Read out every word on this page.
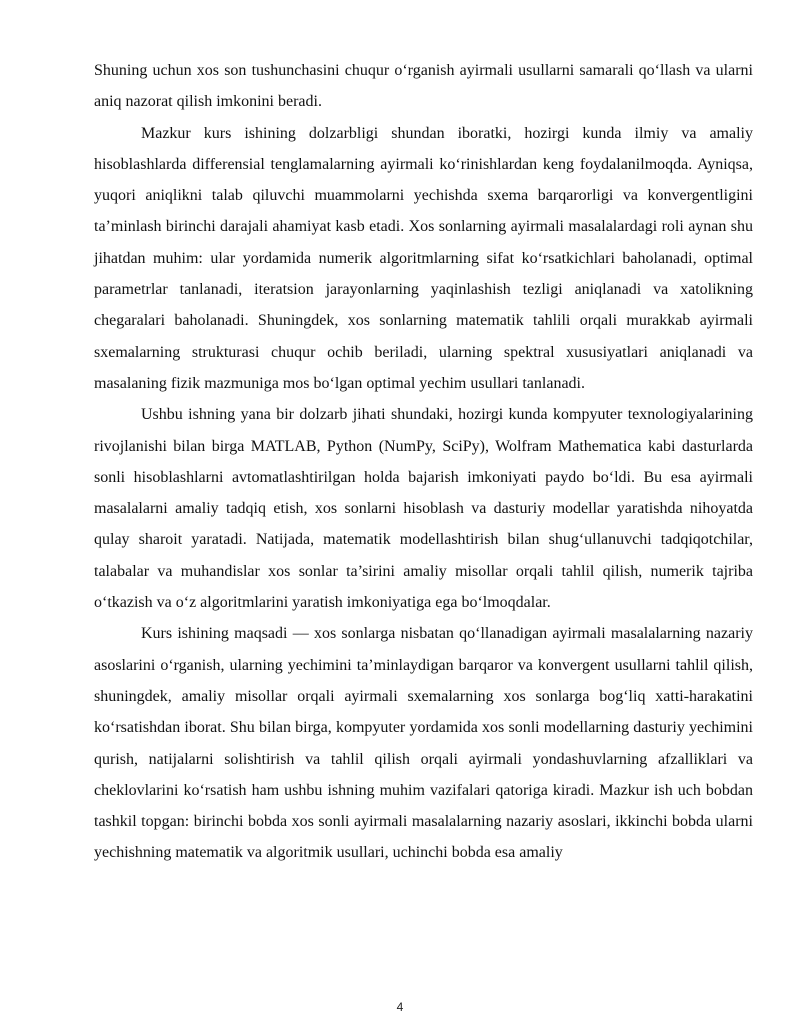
Shuning uchun xos son tushunchasini chuqur o‘rganish ayirmali usullarni samarali qo‘llash va ularni aniq nazorat qilish imkonini beradi.

Mazkur kurs ishining dolzarbligi shundan iboratki, hozirgi kunda ilmiy va amaliy hisoblashlarda differensial tenglamalarning ayirmali ko‘rinishlardan keng foydalanilmoqda. Ayniqsa, yuqori aniqlikni talab qiluvchi muammolarni yechishda sxema barqarorligi va konvergentligini ta’minlash birinchi darajali ahamiyat kasb etadi. Xos sonlarning ayirmali masalalardagi roli aynan shu jihatdan muhim: ular yordamida numerik algoritmlarning sifat ko‘rsatkichlari baholanadi, optimal parametrlar tanlanadi, iteratsion jarayonlarning yaqinlashish tezligi aniqlanadi va xatolikning chegaralari baholanadi. Shuningdek, xos sonlarning matematik tahlili orqali murakkab ayirmali sxemalarning strukturasi chuqur ochib beriladi, ularning spektral xususiyatlari aniqlanadi va masalaning fizik mazmuniga mos bo‘lgan optimal yechim usullari tanlanadi.

Ushbu ishning yana bir dolzarb jihati shundaki, hozirgi kunda kompyuter texnologiyalarining rivojlanishi bilan birga MATLAB, Python (NumPy, SciPy), Wolfram Mathematica kabi dasturlarda sonli hisoblashlarni avtomatlashtirilgan holda bajarish imkoniyati paydo bo‘ldi. Bu esa ayirmali masalalarni amaliy tadqiq etish, xos sonlarni hisoblash va dasturiy modellar yaratishda nihoyatda qulay sharoit yaratadi. Natijada, matematik modellashtirish bilan shug‘ullanuvchi tadqiqotchilar, talabalar va muhandislar xos sonlar ta’sirini amaliy misollar orqali tahlil qilish, numerik tajriba o‘tkazish va o‘z algoritmlarini yaratish imkoniyatiga ega bo‘lmoqdalar.

Kurs ishining maqsadi — xos sonlarga nisbatan qo‘llanadigan ayirmali masalalarning nazariy asoslarini o‘rganish, ularning yechimini ta’minlaydigan barqaror va konvergent usullarni tahlil qilish, shuningdek, amaliy misollar orqali ayirmali sxemalarning xos sonlarga bog‘liq xatti-harakatini ko‘rsatishdan iborat. Shu bilan birga, kompyuter yordamida xos sonli modellarning dasturiy yechimini qurish, natijalarni solishtirish va tahlil qilish orqali ayirmali yondashuvlarning afzalliklari va cheklovlarini ko‘rsatish ham ushbu ishning muhim vazifalari qatoriga kiradi. Mazkur ish uch bobdan tashkil topgan: birinchi bobda xos sonli ayirmali masalalarning nazariy asoslari, ikkinchi bobda ularni yechishning matematik va algoritmik usullari, uchinchi bobda esa amaliy

4
